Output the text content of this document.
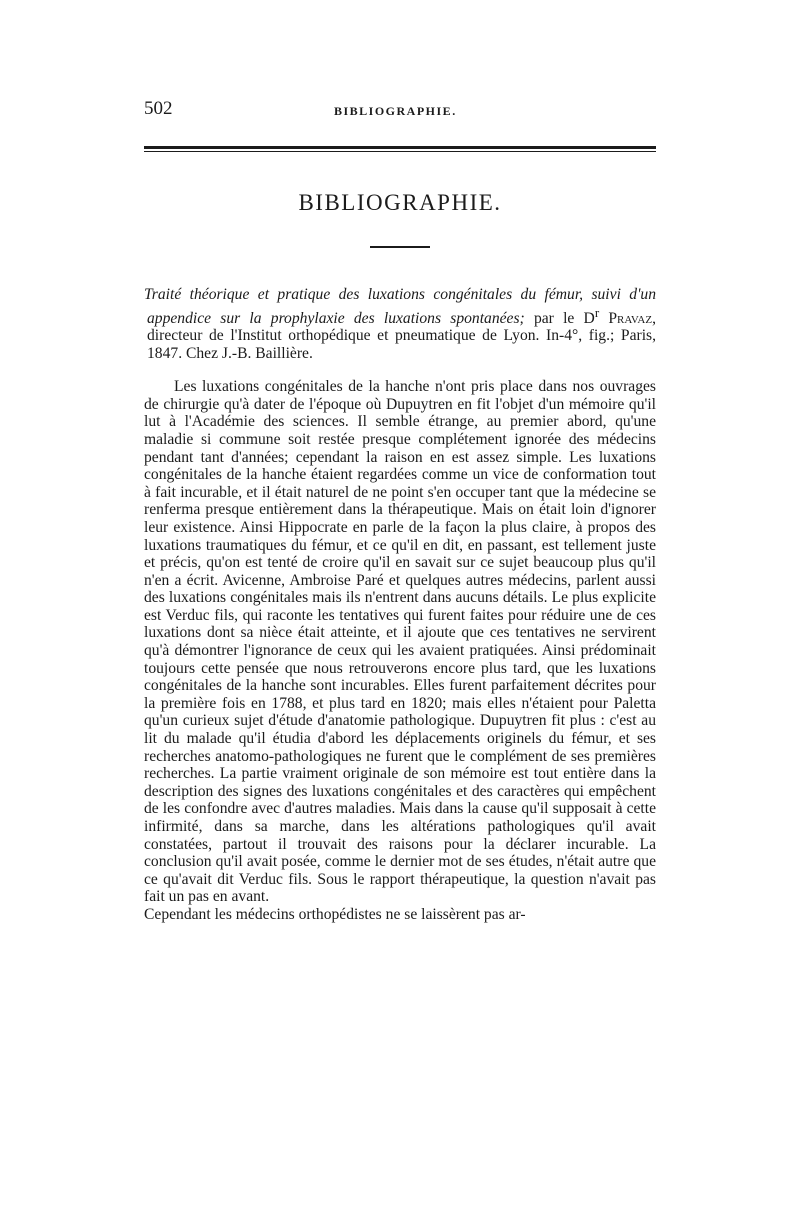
502	BIBLIOGRAPHIE.
BIBLIOGRAPHIE.

Traité théorique et pratique des luxations congénitales du fémur, suivi d'un appendice sur la prophylaxie des luxations spontanées; par le $D^r$ Pravaz, directeur de l'Institut orthopédique et pneumatique de Lyon. In-4°, fig.; Paris, 1847. Chez J.-B. Baillière.

Les luxations congénitales de la hanche n'ont pris place dans nos ouvrages de chirurgie qu'à dater de l'époque où Dupuytren en fit l'objet d'un mémoire qu'il lut à l'Académie des sciences. Il semble étrange, au premier abord, qu'une maladie si commune soit restée presque complétement ignorée des médecins pendant tant d'années; cependant la raison en est assez simple. Les luxations congénitales de la hanche étaient regardées comme un vice de conformation tout à fait incurable, et il était naturel de ne point s'en occuper tant que la médecine se renferma presque entièrement dans la thérapeutique. Mais on était loin d'ignorer leur existence. Ainsi Hippocrate en parle de la façon la plus claire, à propos des luxations traumatiques du fémur, et ce qu'il en dit, en passant, est tellement juste et précis, qu'on est tenté de croire qu'il en savait sur ce sujet beaucoup plus qu'il n'en a écrit. Avicenne, Ambroise Paré et quelques autres médecins, parlent aussi des luxations congénitales mais ils n'entrent dans aucuns détails. Le plus explicite est Verduc fils, qui raconte les tentatives qui furent faites pour réduire une de ces luxations dont sa nièce était atteinte, et il ajoute que ces tentatives ne servirent qu'à démontrer l'ignorance de ceux qui les avaient pratiquées. Ainsi prédominait toujours cette pensée que nous retrouverons encore plus tard, que les luxations congénitales de la hanche sont incurables. Elles furent parfaitement décrites pour la première fois en 1788, et plus tard en 1820; mais elles n'étaient pour Paletta qu'un curieux sujet d'étude d'anatomie pathologique. Dupuytren fit plus : c'est au lit du malade qu'il étudia d'abord les déplacements originels du fémur, et ses recherches anatomo-pathologiques ne furent que le complément de ses premières recherches. La partie vraiment originale de son mémoire est tout entière dans la description des signes des luxations congénitales et des caractères qui empêchent de les confondre avec d'autres maladies. Mais dans la cause qu'il supposait à cette infirmité, dans sa marche, dans les altérations pathologiques qu'il avait constatées, partout il trouvait des raisons pour la déclarer incurable. La conclusion qu'il avait posée, comme le dernier mot de ses études, n'était autre que ce qu'avait dit Verduc fils. Sous le rapport thérapeutique, la question n'avait pas fait un pas en avant.
Cependant les médecins orthopédistes ne se laissèrent pas ar-
